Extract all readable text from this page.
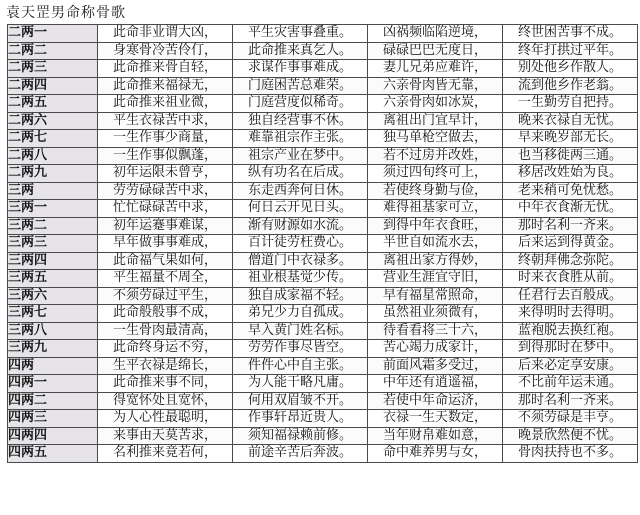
袁天罡男命称骨歌
二两一	此命非业谓大凶，	平生灾害事叠重。	凶祸频临陷逆境，	终世困苦事不成。
二两二	身寒骨冷苦伶仃，	此命推来真乞人。	碌碌巴巴无度日，	终年打拱过平年。
二两三	此命推来骨自轻，	求谋作事事难成。	妻儿兄弟应难许，	别处他乡作散人。
二两四	此命推来福禄无，	门庭困苦总难荣。	六亲骨肉皆无靠，	流到他乡作老翁。
二两五	此命推来祖业微，	门庭营度似稀奇。	六亲骨肉如冰炭，	一生勤劳自把持。
二两六	平生衣禄苦中求，	独自经营事不休。	离祖出门宜早计，	晚来衣禄自无忧。
二两七	一生作事少商量，	难靠祖宗作主张。	独马单枪空做去，	早来晚岁部无长。
二两八	一生作事似飘蓬，	祖宗产业在梦中。	若不过房并改姓，	也当移徙两三通。
二两九	初年运限未曾亨，	纵有功名在后成。	须过四旬终可上，	移居改姓始为良。
三两	劳劳碌碌苦中求，	东走西奔何日休。	若使终身勤与俭，	老来稍可免忧愁。
三两一	忙忙碌碌苦中求，	何日云开见日头。	难得祖基家可立，	中年衣食渐无忧。
三两二	初年运蹇事难谋，	渐有财源如水流。	到得中年衣食旺，	那时名利一齐来。
三两三	早年做事事难成，	百计徒劳枉费心。	半世自如流水去，	后来运到得黄金。
三两四	此命福气果如何，	僧道门中衣禄多。	离祖出家方得妙，	终朝拜佛念弥陀。
三两五	平生福量不周全，	祖业根基觉少传。	营业生涯宜守旧，	时来衣食胜从前。
三两六	不须劳碌过平生，	独自成家福不轻。	早有福星常照命，	任君行去百般成。
三两七	此命般般事不成，	弟兄少力自孤成。	虽然祖业须微有，	来得明时去得明。
三两八	一生骨肉最清高，	早入黄门姓名标。	待看看将三十六，	蓝袍脱去换红袍。
三两九	此命终身运不穷，	劳劳作事尽皆空。	苦心竭力成家计，	到得那时在梦中。
四两	生平衣禄是绵长，	件件心中自主张。	前面风霜多受过，	后来必定享安康。
四两一	此命推来事不同，	为人能干略凡庸。	中年还有逍遥福，	不比前年运未通。
四两二	得宽怀处且宽怀，	何用双眉皱不开。	若使中年命运济，	那时名利一齐来。
四两三	为人心性最聪明，	作事轩昂近贵人。	衣禄一生天数定，	不须劳碌是丰亨。
四两四	来事由天莫苦求，	须知福禄赖前修。	当年财帛难如意，	晚景欣然便不忧。
四两五	名利推来竟若何，	前途辛苦后奔波。	命中难养男与女，	骨肉扶持也不多。
